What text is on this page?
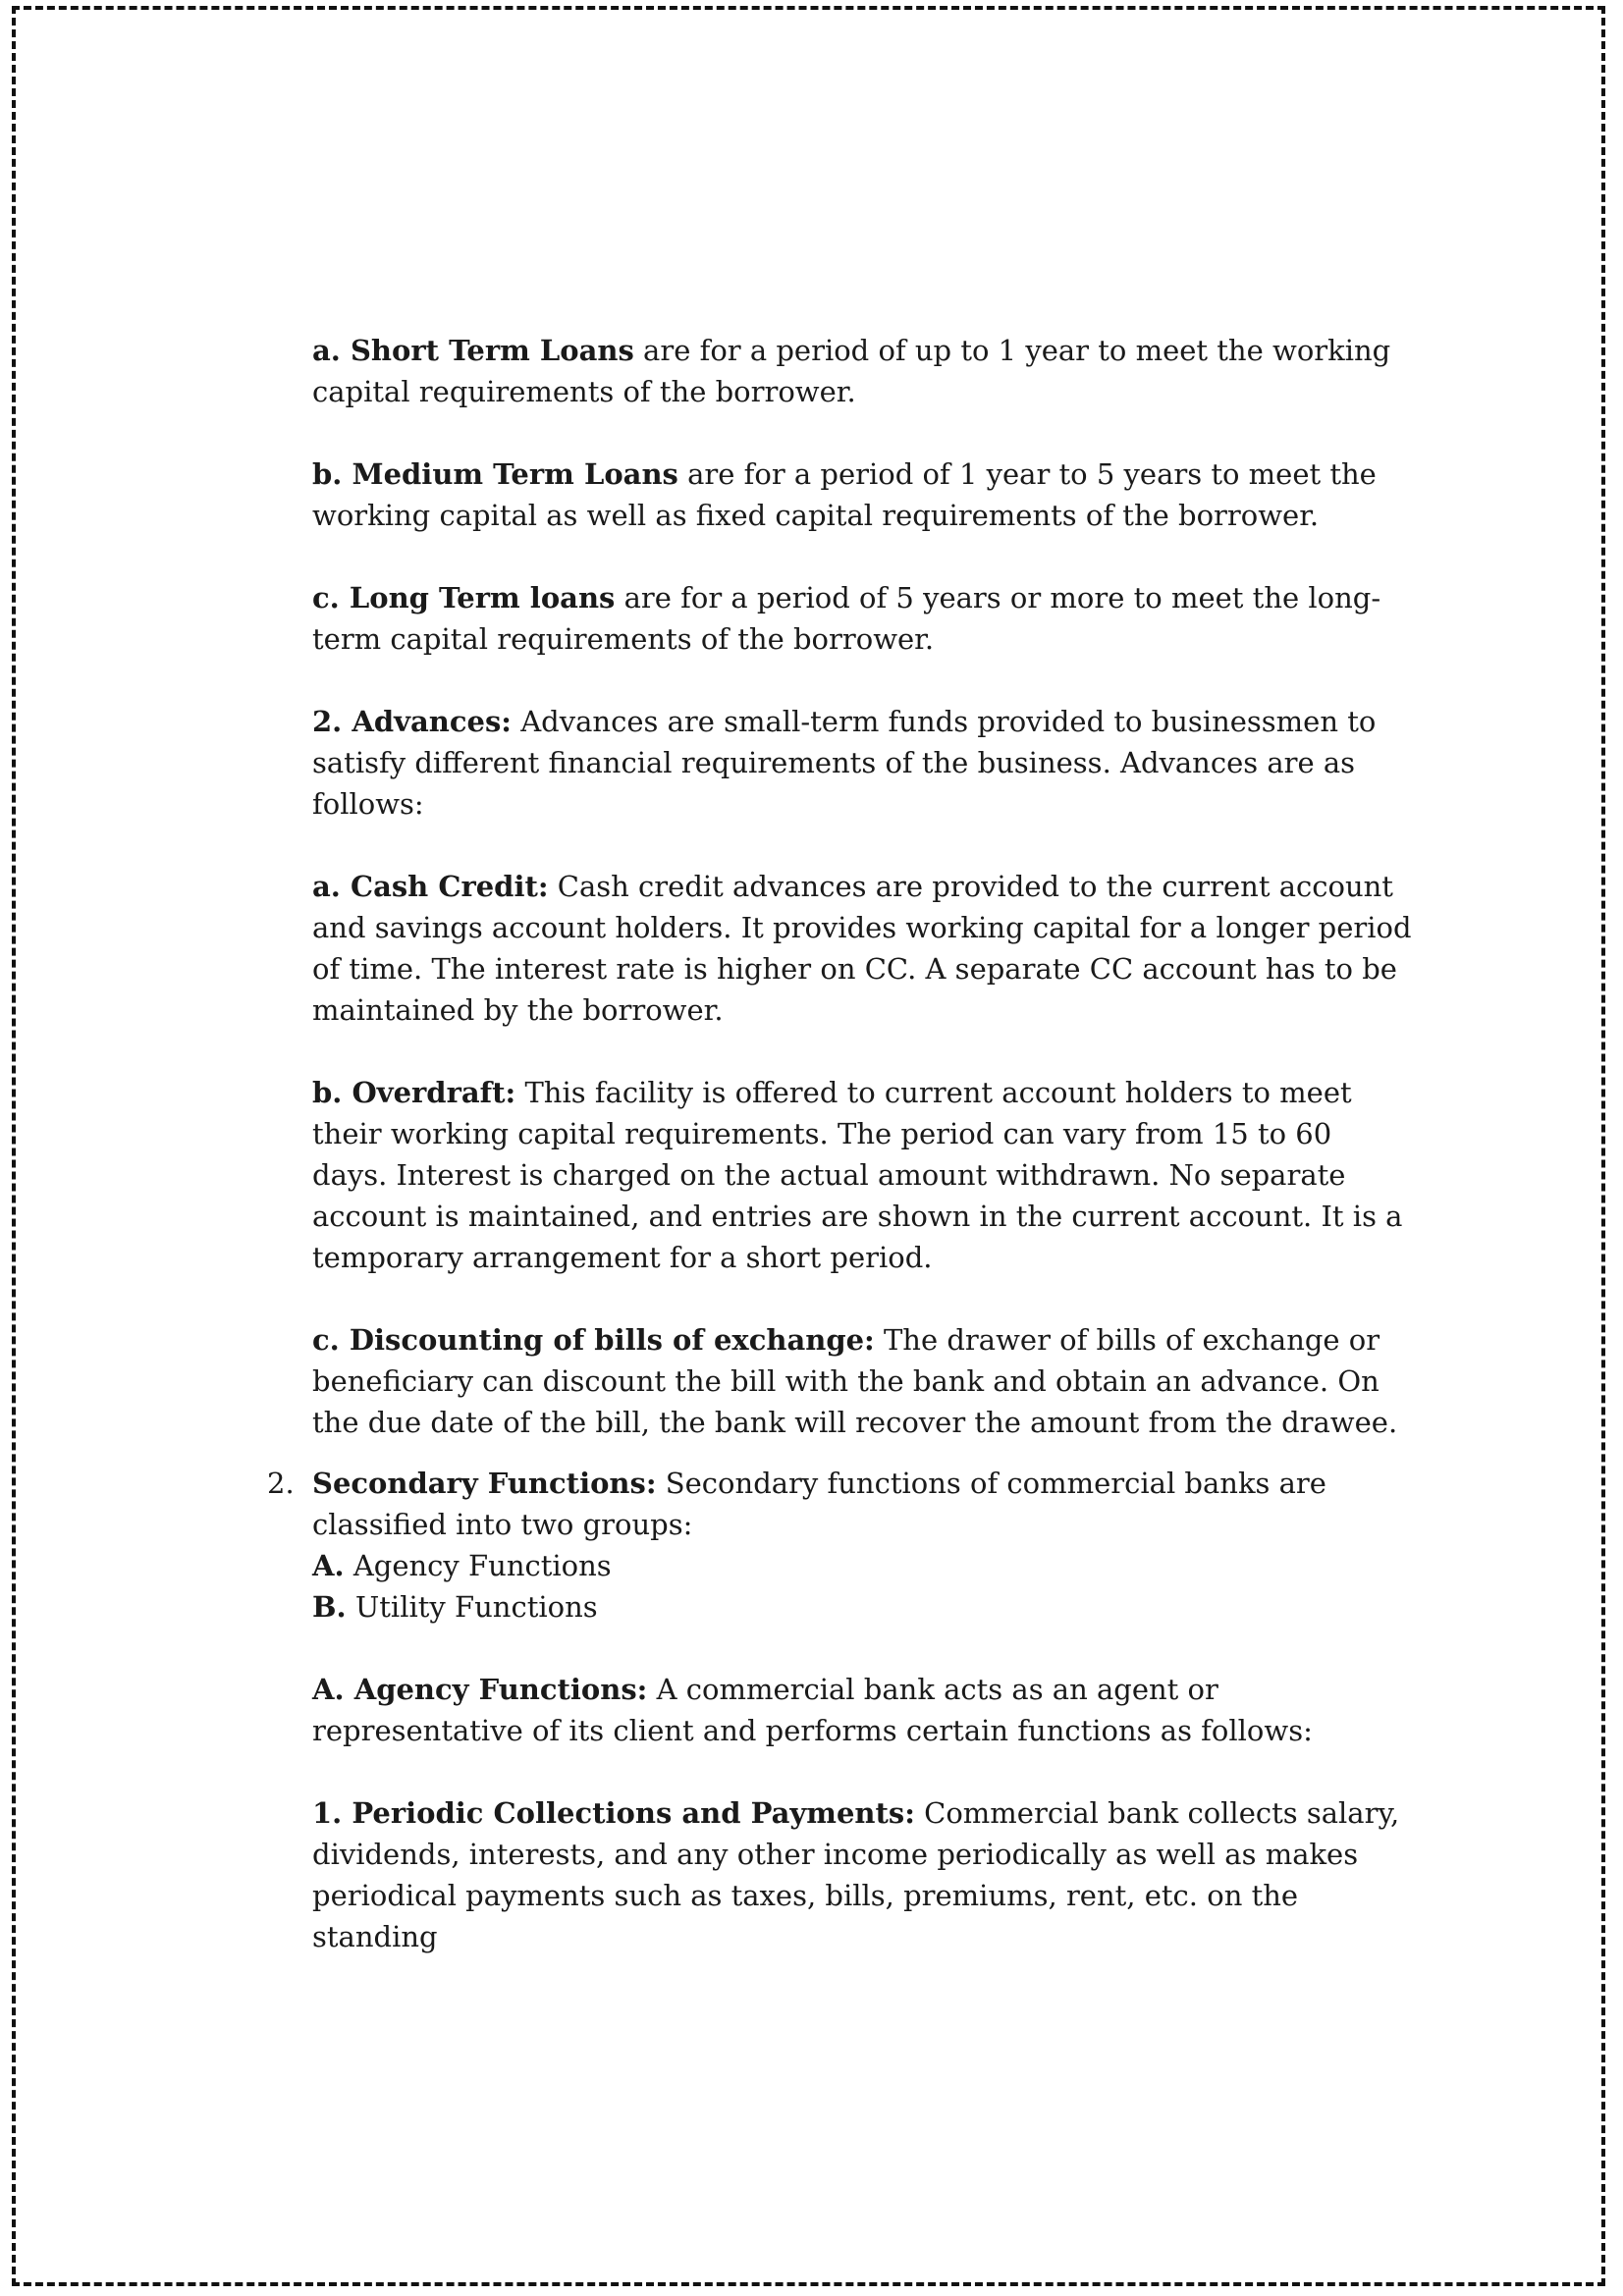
a. Short Term Loans are for a period of up to 1 year to meet the working capital requirements of the borrower.

b. Medium Term Loans are for a period of 1 year to 5 years to meet the working capital as well as fixed capital requirements of the borrower.

c. Long Term loans are for a period of 5 years or more to meet the long-term capital requirements of the borrower.

2. Advances: Advances are small-term funds provided to businessmen to satisfy different financial requirements of the business. Advances are as follows:

a. Cash Credit: Cash credit advances are provided to the current account and savings account holders. It provides working capital for a longer period of time. The interest rate is higher on CC. A separate CC account has to be maintained by the borrower.

b. Overdraft: This facility is offered to current account holders to meet their working capital requirements. The period can vary from 15 to 60 days. Interest is charged on the actual amount withdrawn. No separate account is maintained, and entries are shown in the current account. It is a temporary arrangement for a short period.

c. Discounting of bills of exchange: The drawer of bills of exchange or beneficiary can discount the bill with the bank and obtain an advance. On the due date of the bill, the bank will recover the amount from the drawee.

2. Secondary Functions: Secondary functions of commercial banks are classified into two groups:
A. Agency Functions
B. Utility Functions

A. Agency Functions: A commercial bank acts as an agent or representative of its client and performs certain functions as follows:

1. Periodic Collections and Payments: Commercial bank collects salary, dividends, interests, and any other income periodically as well as makes periodical payments such as taxes, bills, premiums, rent, etc. on the standing
